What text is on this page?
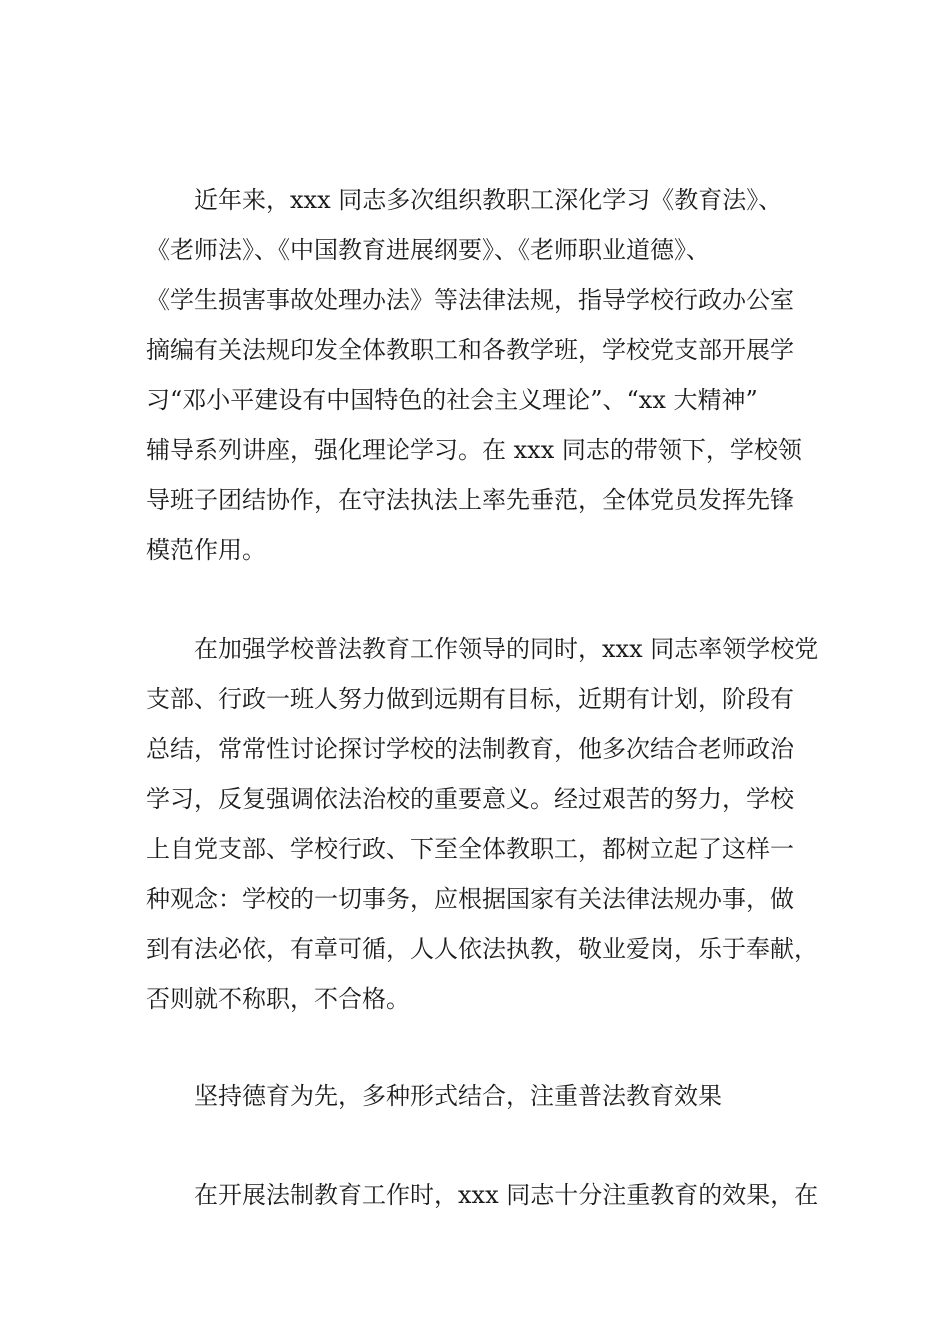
近年来，xxx 同志多次组织教职工深化学习《教育法》、
《老师法》、《中国教育进展纲要》、《老师职业道德》、
《学生损害事故处理办法》等法律法规，指导学校行政办公室
摘编有关法规印发全体教职工和各教学班，学校党支部开展学
习“邓小平建设有中国特色的社会主义理论”、“xx 大精神”
辅导系列讲座，强化理论学习。在 xxx 同志的带领下，学校领
导班子团结协作，在守法执法上率先垂范，全体党员发挥先锋
模范作用。
在加强学校普法教育工作领导的同时，xxx 同志率领学校党
支部、行政一班人努力做到远期有目标，近期有计划，阶段有
总结，常常性讨论探讨学校的法制教育，他多次结合老师政治
学习，反复强调依法治校的重要意义。经过艰苦的努力，学校
上自党支部、学校行政、下至全体教职工，都树立起了这样一
种观念：学校的一切事务，应根据国家有关法律法规办事，做
到有法必依，有章可循，人人依法执教，敬业爱岗，乐于奉献，
否则就不称职，不合格。
坚持德育为先，多种形式结合，注重普法教育效果
在开展法制教育工作时，xxx 同志十分注重教育的效果，在
